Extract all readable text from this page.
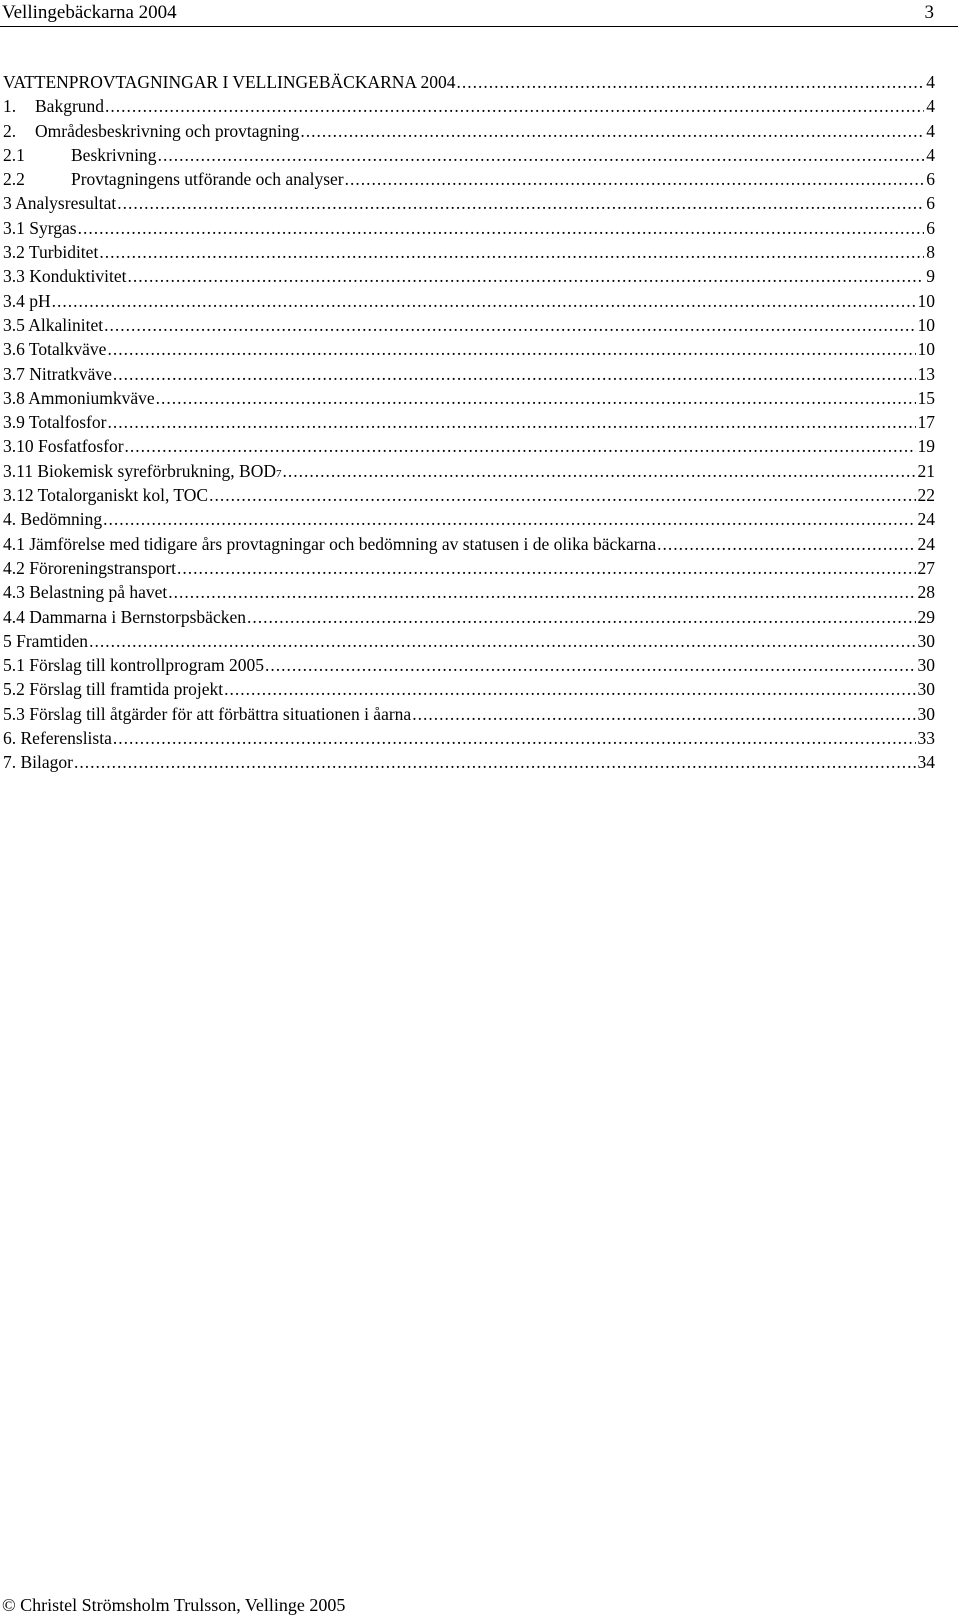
Vellingebäckarna 2004	3
VATTENPROVTAGNINGAR I VELLINGEBÄCKARNA 2004 .....	4
1.	Bakgrund .....	4
2.	Områdesbeskrivning och provtagning .....	4
2.1	Beskrivning .....	4
2.2	Provtagningens utförande och analyser .....	6
3 Analysresultat .....	6
3.1 Syrgas .....	6
3.2 Turbiditet .....	8
3.3 Konduktivitet .....	9
3.4 pH .....	10
3.5 Alkalinitet .....	10
3.6 Totalkväve .....	10
3.7 Nitratkväve .....	13
3.8 Ammoniumkväve .....	15
3.9 Totalfosfor .....	17
3.10 Fosfatfosfor .....	19
3.11 Biokemisk syreförbrukning, BOD 7 .....	21
3.12 Totalorganiskt kol, TOC .....	22
4. Bedömning .....	24
4.1 Jämförelse med tidigare års provtagningar och bedömning av statusen i de olika bäckarna .....	24
4.2 Föroreningstransport .....	27
4.3 Belastning på havet .....	28
4.4 Dammarna i Bernstorpsbäcken .....	29
5 Framtiden .....	30
5.1 Förslag till kontrollprogram 2005 .....	30
5.2 Förslag till framtida projekt .....	30
5.3 Förslag till åtgärder för att förbättra situationen i åarna .....	30
6. Referenslista .....	33
7. Bilagor .....	34
© Christel Strömsholm Trulsson, Vellinge 2005
